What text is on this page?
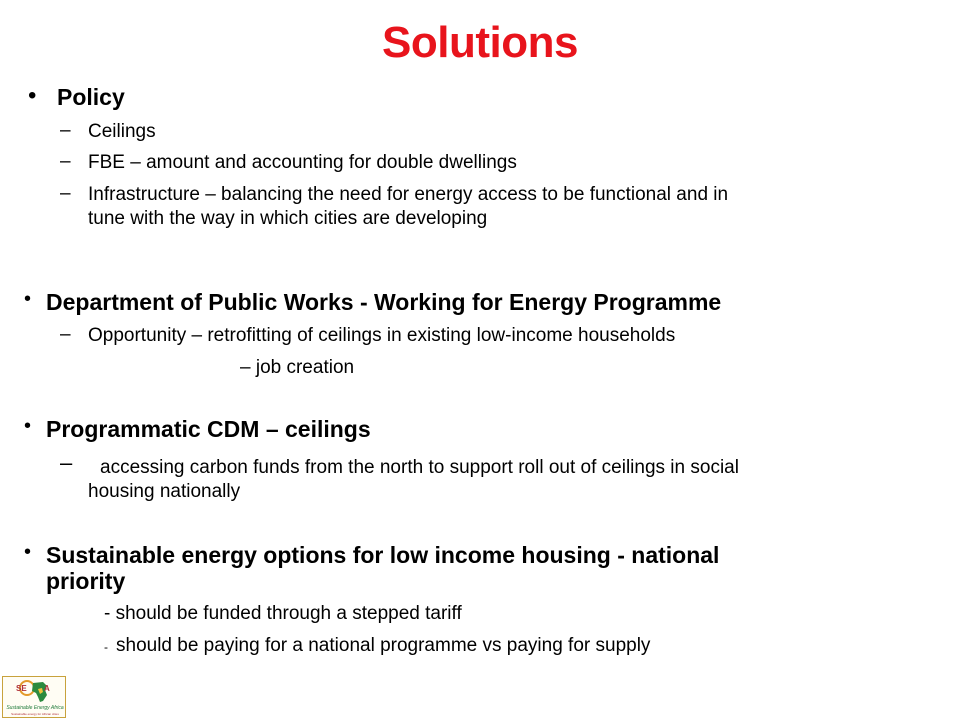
Solutions
• Policy
– Ceilings
– FBE – amount and accounting for double dwellings
– Infrastructure – balancing the need for energy access to be functional and in
tune with the way in which cities are developing
• Department of Public Works - Working for Energy Programme
– Opportunity – retrofitting of ceilings in existing low-income households
– job creation
• Programmatic CDM – ceilings
– accessing carbon funds from the north to support roll out of ceilings in social
housing nationally
• Sustainable energy options for low income housing - national
priority
- should be funded through a stepped tariff
- should be paying for a national programme vs paying for supply
SE A
Sustainable Energy Africa
Sustainable energy for African cities
